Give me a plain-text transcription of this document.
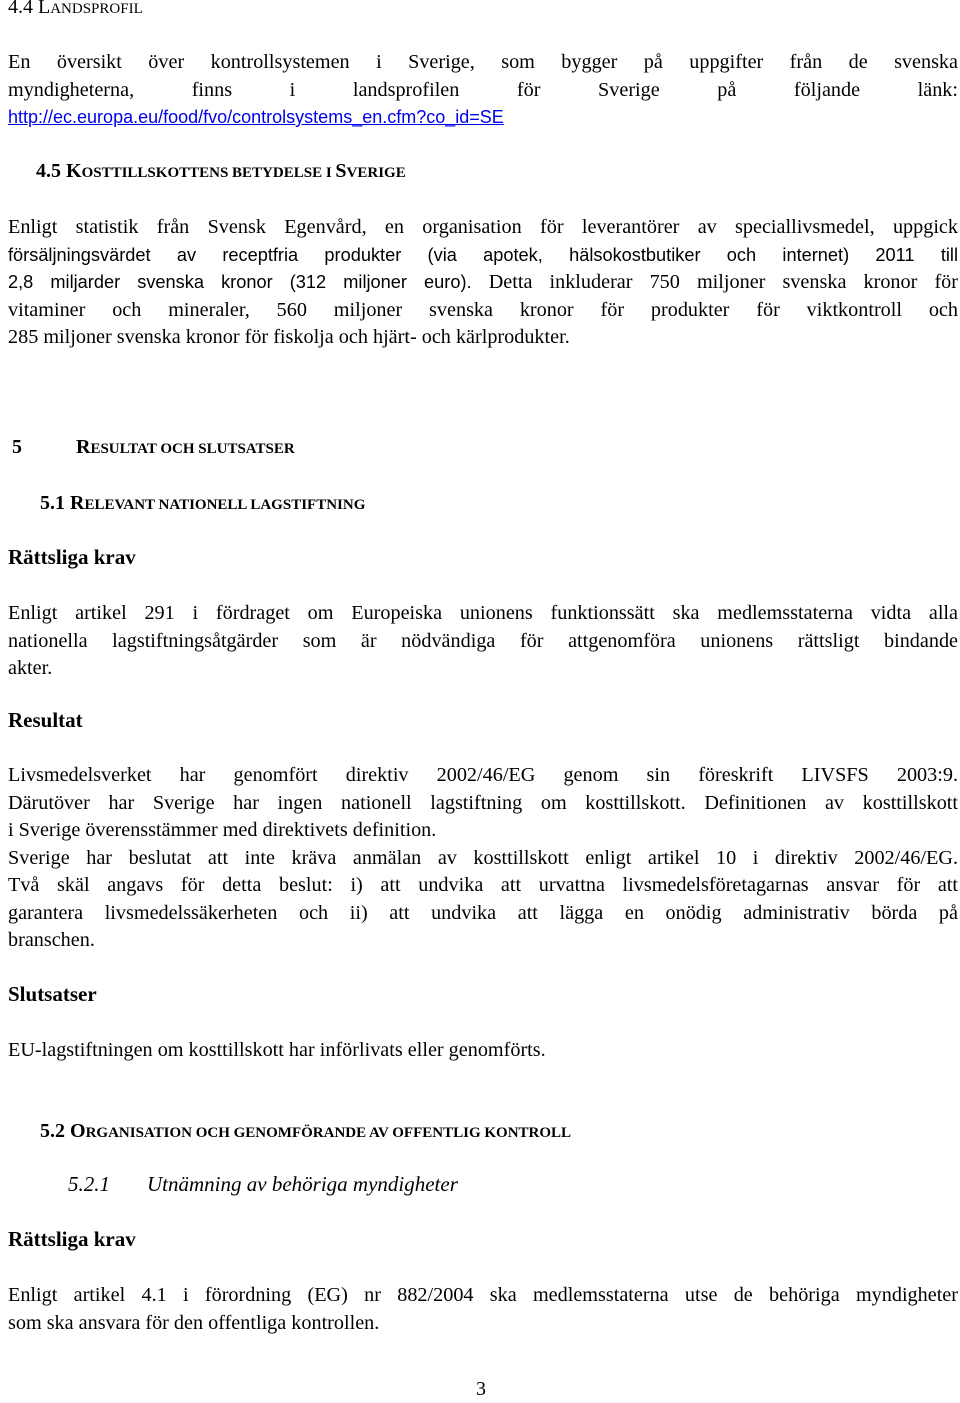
4.4 LANDSPROFIL
En översikt över kontrollsystemen i Sverige, som bygger på uppgifter från de svenska
myndigheterna, finns i landsprofilen för Sverige på följande länk:
http://ec.europa.eu/food/fvo/controlsystems_en.cfm?co_id=SE
4.5 KOSTTILLSKOTTENS BETYDELSE I SVERIGE
Enligt statistik från Svensk Egenvård, en organisation för leverantörer av speciallivsmedel, uppgick
försäljningsvärdet av receptfria produkter (via apotek, hälsokostbutiker och internet) 2011 till
2,8 miljarder svenska kronor (312 miljoner euro). Detta inkluderar 750 miljoner svenska kronor för
vitaminer och mineraler, 560 miljoner svenska kronor för produkter för viktkontroll och
285 miljoner svenska kronor för fiskolja och hjärt- och kärlprodukter.
5	RESULTAT OCH SLUTSATSER
5.1 RELEVANT NATIONELL LAGSTIFTNING
Rättsliga krav
Enligt artikel 291 i fördraget om Europeiska unionens funktionssätt ska medlemsstaterna vidta alla
nationella lagstiftningsåtgärder som är nödvändiga för attgenomföra unionens rättsligt bindande
akter.
Resultat
Livsmedelsverket har genomfört direktiv 2002/46/EG genom sin föreskrift LIVSFS 2003:9.
Därutöver har Sverige har ingen nationell lagstiftning om kosttillskott. Definitionen av kosttillskott
i Sverige överensstämmer med direktivets definition.
Sverige har beslutat att inte kräva anmälan av kosttillskott enligt artikel 10 i direktiv 2002/46/EG.
Två skäl angavs för detta beslut: i) att undvika att urvattna livsmedelsföretagarnas ansvar för att
garantera livsmedelssäkerheten och ii) att undvika att lägga en onödig administrativ börda på
branschen.
Slutsatser
EU-lagstiftningen om kosttillskott har införlivats eller genomförts.
5.2 ORGANISATION OCH GENOMFÖRANDE AV OFFENTLIG KONTROLL
5.2.1 Utnämning av behöriga myndigheter
Rättsliga krav
Enligt artikel 4.1 i förordning (EG) nr 882/2004 ska medlemsstaterna utse de behöriga myndigheter
som ska ansvara för den offentliga kontrollen.
3
